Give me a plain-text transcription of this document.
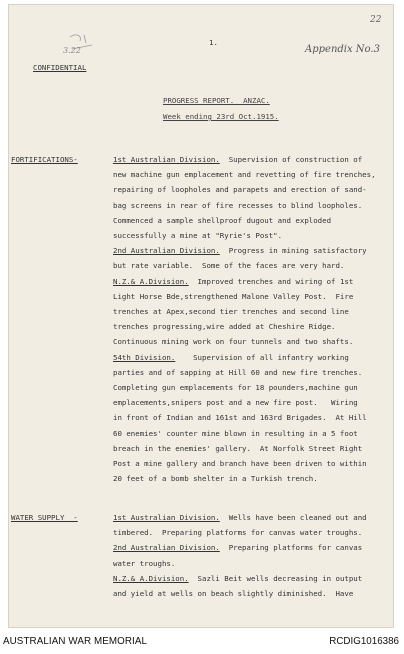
22
Appendix No.3
3.22
1.
CONFIDENTIAL
PROGRESS REPORT.  ANZAC.
Week ending 23rd Oct.1915.
FORTIFICATIONS-	1st Australian Division.  Supervision of construction of
new machine gun emplacement and revetting of fire trenches,
repairing of loopholes and parapets and erection of sand-
bag screens in rear of fire recesses to blind loopholes.
Commenced a sample shellproof dugout and exploded
successfully a mine at "Ryrie's Post".
2nd Australian Division.  Progress in mining satisfactory
but rate variable.  Some of the faces are very hard.
N.Z.& A.Division.  Improved trenches and wiring of 1st
Light Horse Bde,strengthened Malone Valley Post.  Fire
trenches at Apex,second tier trenches and second line
trenches progressing,wire added at Cheshire Ridge.
Continuous mining work on four tunnels and two shafts.
54th Division.    Supervision of all infantry working
parties and of sapping at Hill 60 and new fire trenches.
Completing gun emplacements for 18 pounders,machine gun
emplacements,snipers post and a new fire post.   Wiring
in front of Indian and 161st and 163rd Brigades.  At Hill
60 enemies' counter mine blown in resulting in a 5 foot
breach in the enemies' gallery.  At Norfolk Street Right
Post a mine gallery and branch have been driven to within
20 feet of a bomb shelter in a Turkish trench.
WATER SUPPLY  -	1st Australian Division.  Wells have been cleaned out and
timbered.  Preparing platforms for canvas water troughs.
2nd Australian Division.  Preparing platforms for canvas
water troughs.
N.Z.& A.Division.  Sazli Beit wells decreasing in output
and yield at wells on beach slightly diminished.  Have
AUSTRALIAN WAR MEMORIAL	RCDIG1016386
